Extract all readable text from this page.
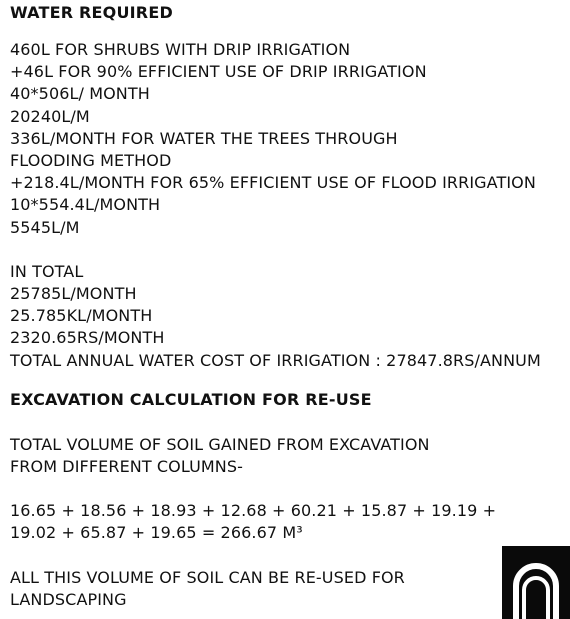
WATER REQUIRED
460L FOR SHRUBS WITH DRIP IRRIGATION
+46L FOR 90% EFFICIENT USE OF DRIP IRRIGATION
40*506L/ MONTH
20240L/M
336L/MONTH FOR WATER THE TREES THROUGH
FLOODING METHOD
+218.4L/MONTH FOR 65% EFFICIENT USE OF FLOOD IRRIGATION
10*554.4L/MONTH
5545L/M
IN TOTAL
25785L/MONTH
25.785KL/MONTH
2320.65RS/MONTH
TOTAL ANNUAL WATER COST OF IRRIGATION : 27847.8RS/ANNUM
EXCAVATION CALCULATION FOR RE-USE
TOTAL VOLUME OF SOIL GAINED FROM EXCAVATION
FROM DIFFERENT COLUMNS-
16.65 + 18.56 + 18.93 + 12.68 + 60.21 + 15.87 + 19.19 +
19.02 + 65.87 + 19.65 = 266.67 M³
ALL THIS VOLUME OF SOIL CAN BE RE-USED FOR
LANDSCAPING
